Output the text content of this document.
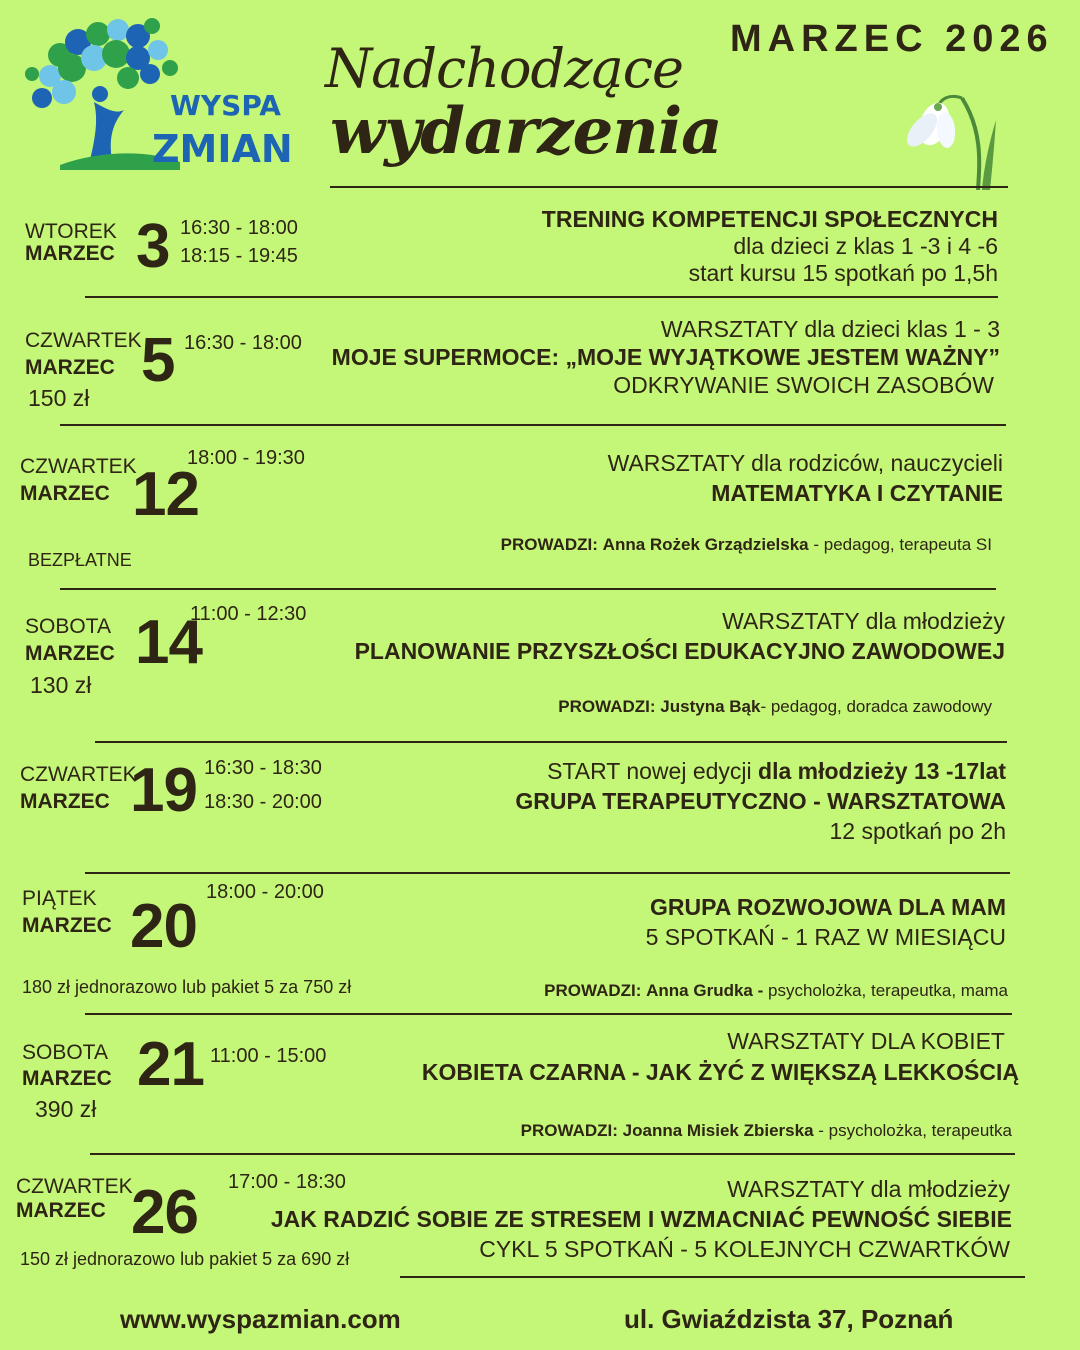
WYSPA
ZMIAN
Nadchodzące
wydarzenia
MARZEC 2026
WTOREK
MARZEC 3 16:30 - 18:00
18:15 - 19:45
TRENING KOMPETENCJI SPOŁECZNYCH
dla dzieci z klas 1 -3 i 4 -6
start kursu 15 spotkań po 1,5h
CZWARTEK
MARZEC
150 zł
5 16:30 - 18:00
WARSZTATY dla dzieci klas 1 - 3
MOJE SUPERMOCE: „MOJE WYJĄTKOWE JESTEM WAŻNY”
ODKRYWANIE SWOICH ZASOBÓW
CZWARTEK
MARZEC
BEZPŁATNE
12
18:00 - 19:30	WARSZTATY dla rodziców, nauczycieli
MATEMATYKA I CZYTANIE
PROWADZI: Anna Rożek Grządzielska - pedagog, terapeuta SI
SOBOTA
MARZEC
130 zł
14
11:00 - 12:30	WARSZTATY dla młodzieży
PLANOWANIE PRZYSZŁOŚCI EDUKACYJNO ZAWODOWEJ
PROWADZI: Justyna Bąk- pedagog, doradca zawodowy
CZWARTEK
MARZEC 19 16:30 - 18:30
18:30 - 20:00
START nowej edycji dla młodzieży 13 -17lat
GRUPA TERAPEUTYCZNO - WARSZTATOWA
12 spotkań po 2h
PIĄTEK
MARZEC 20 18:00 - 20:00
180 zł jednorazowo lub pakiet 5 za 750 zł
GRUPA ROZWOJOWA DLA MAM
5 SPOTKAŃ - 1 RAZ W MIESIĄCU
PROWADZI: Anna Grudka - psycholożka, terapeutka, mama
SOBOTA
MARZEC
390 zł
21 11:00 - 15:00
WARSZTATY DLA KOBIET
KOBIETA CZARNA - JAK ŻYĆ Z WIĘKSZĄ LEKKOŚCIĄ
PROWADZI: Joanna Misiek Zbierska - psycholożka, terapeutka
CZWARTEK
MARZEC 26 17:00 - 18:30
150 zł jednorazowo lub pakiet 5 za 690 zł
WARSZTATY dla młodzieży
JAK RADZIĆ SOBIE ZE STRESEM I WZMACNIAĆ PEWNOŚĆ SIEBIE
CYKL 5 SPOTKAŃ - 5 KOLEJNYCH CZWARTKÓW
www.wyspazmian.com	ul. Gwiaździsta 37, Poznań
